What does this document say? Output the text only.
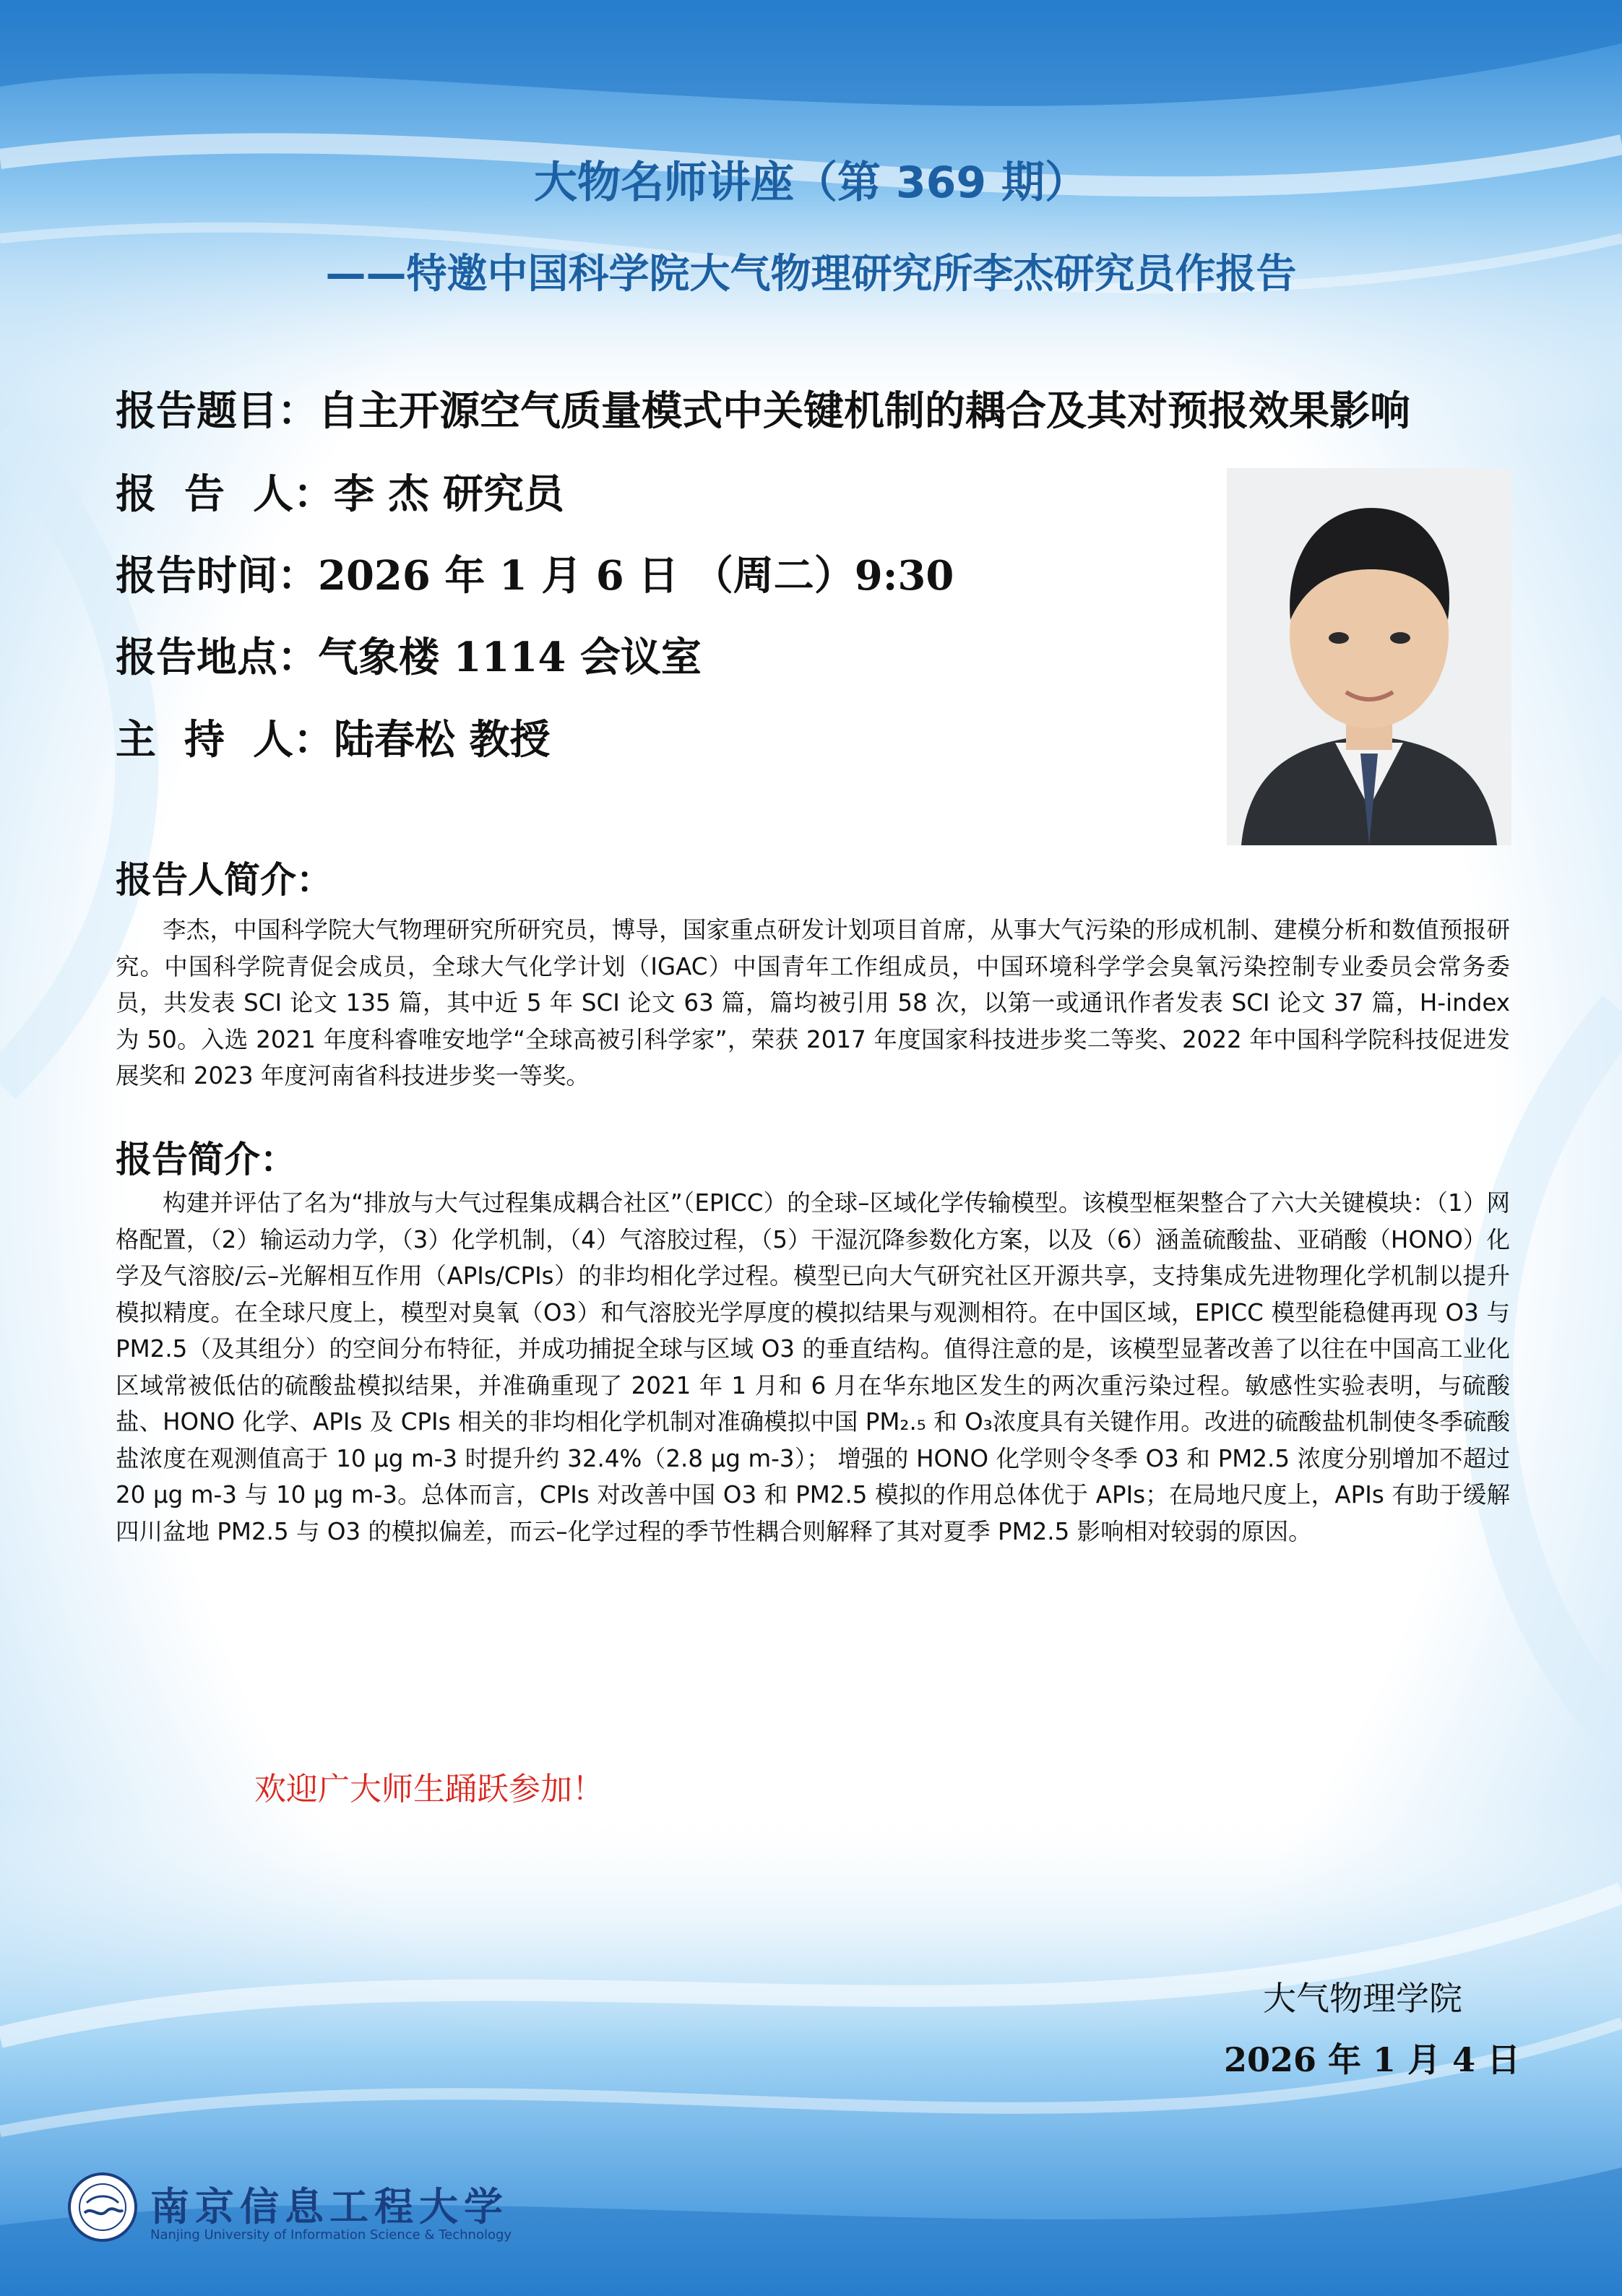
大物名师讲座（第 369 期）
——特邀中国科学院大气物理研究所李杰研究员作报告
报告题目：自主开源空气质量模式中关键机制的耦合及其对预报效果影响
报  告  人：李 杰 研究员
报告时间：2026 年 1 月 6 日 （周二）9:30
报告地点：气象楼 1114 会议室
主  持  人：陆春松 教授
报告人简介：

李杰，中国科学院大气物理研究所研究员，博导，国家重点研发计划项目首席，从事大气污染的形成机制、建模分析和数值预报研究。中国科学院青促会成员，全球大气化学计划（IGAC）中国青年工作组成员，中国环境科学学会臭氧污染控制专业委员会常务委员，共发表 SCI 论文 135 篇，其中近 5 年 SCI 论文 63 篇，篇均被引用 58 次，以第一或通讯作者发表 SCI 论文 37 篇，H-index 为 50。入选 2021 年度科睿唯安地学“全球高被引科学家”，荣获 2017 年度国家科技进步奖二等奖、2022 年中国科学院科技促进发展奖和 2023 年度河南省科技进步奖一等奖。

报告简介：

构建并评估了名为“排放与大气过程集成耦合社区”（EPICC）的全球–区域化学传输模型。该模型框架整合了六大关键模块：（1）网格配置，（2）输运动力学，（3）化学机制，（4）气溶胶过程，（5）干湿沉降参数化方案，以及（6）涵盖硫酸盐、亚硝酸（HONO）化学及气溶胶/云–光解相互作用（APIs/CPIs）的非均相化学过程。模型已向大气研究社区开源共享，支持集成先进物理化学机制以提升模拟精度。在全球尺度上，模型对臭氧（O3）和气溶胶光学厚度的模拟结果与观测相符。在中国区域，EPICC 模型能稳健再现 O3 与 PM2.5（及其组分）的空间分布特征，并成功捕捉全球与区域 O3 的垂直结构。值得注意的是，该模型显著改善了以往在中国高工业化区域常被低估的硫酸盐模拟结果，并准确重现了 2021 年 1 月和 6 月在华东地区发生的两次重污染过程。敏感性实验表明，与硫酸盐、HONO 化学、APIs 及 CPIs 相关的非均相化学机制对准确模拟中国 PM₂.₅ 和 O₃浓度具有关键作用。改进的硫酸盐机制使冬季硫酸盐浓度在观测值高于 10 μg m-3 时提升约 32.4%（2.8 μg m-3）； 增强的 HONO 化学则令冬季 O3 和 PM2.5 浓度分别增加不超过 20 μg m-3 与 10 μg m-3。总体而言，CPIs 对改善中国 O3 和 PM2.5 模拟的作用总体优于 APIs；在局地尺度上，APIs 有助于缓解四川盆地 PM2.5 与 O3 的模拟偏差，而云–化学过程的季节性耦合则解释了其对夏季 PM2.5 影响相对较弱的原因。

欢迎广大师生踊跃参加！
大气物理学院
2026 年 1 月 4 日
南京信息工程大学
Nanjing University of Information Science & Technology
